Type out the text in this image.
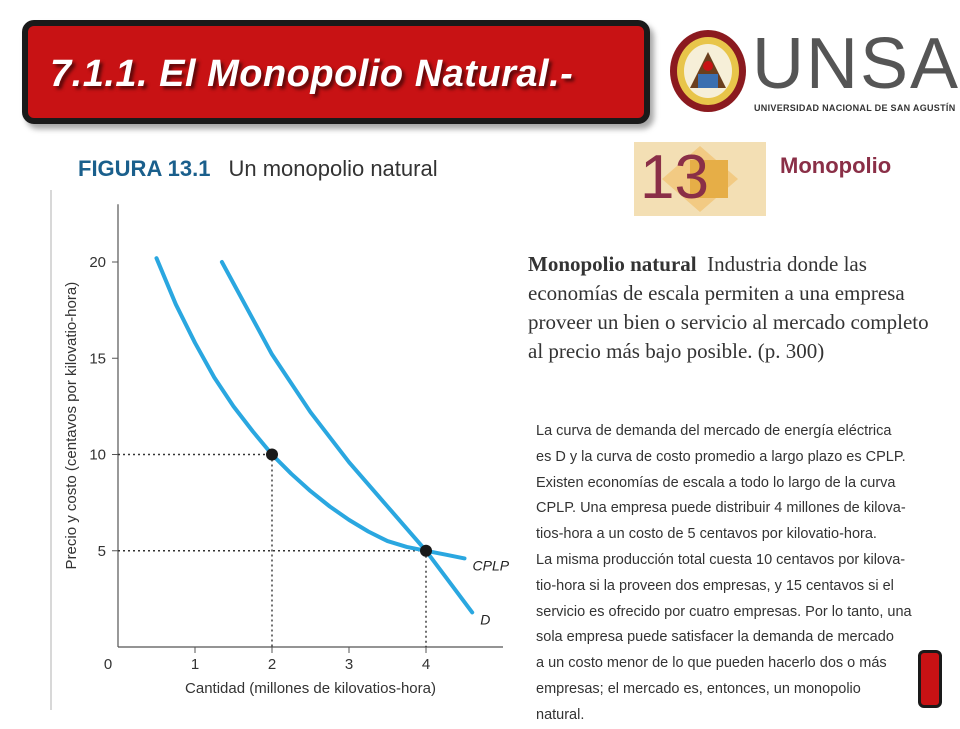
7.1.1. El Monopolio Natural.- UNSA
UNIVERSIDAD NACIONAL DE SAN AGUSTÍN
13	Monopolio
FIGURA 13.1 Un monopolio natural
5
10
15
20
0	1	2	3	4
Cantidad (millones de kilovatios-hora)
Precio y costo (centavos por kilovatio-hora)	CPLP
D
Monopolio natural Industria donde las economías de escala permiten a una empresa proveer un bien o servicio al mercado completo al precio más bajo posible. (p. 300)
La curva de demanda del mercado de energía eléctrica
es D y la curva de costo promedio a largo plazo es CPLP.
Existen economías de escala a todo lo largo de la curva
CPLP. Una empresa puede distribuir 4 millones de kilova-
tios-hora a un costo de 5 centavos por kilovatio-hora.
La misma producción total cuesta 10 centavos por kilova-
tio-hora si la proveen dos empresas, y 15 centavos si el
servicio es ofrecido por cuatro empresas. Por lo tanto, una
sola empresa puede satisfacer la demanda de mercado
a un costo menor de lo que pueden hacerlo dos o más
empresas; el mercado es, entonces, un monopolio
natural.
